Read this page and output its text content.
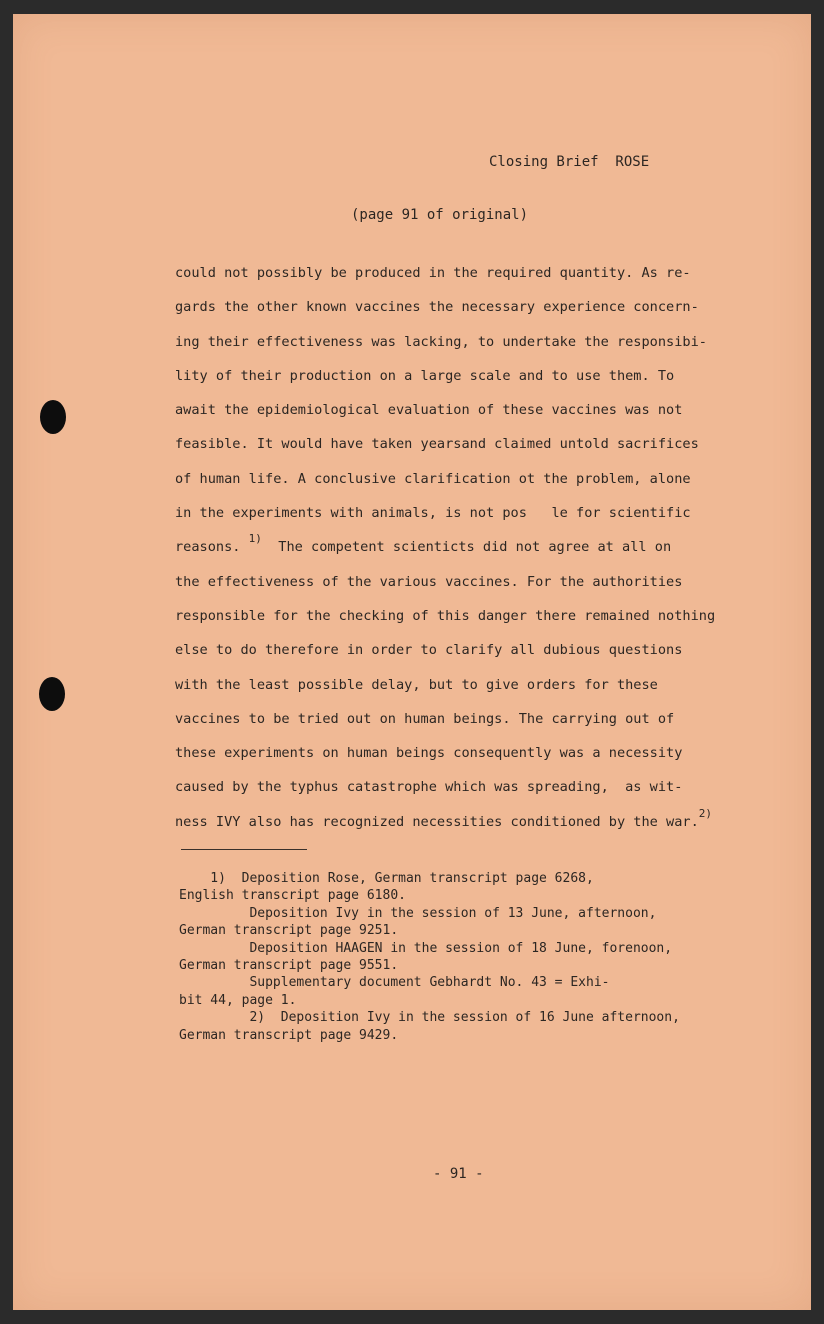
Closing Brief  ROSE
(page 91 of original)
could not possibly be produced in the required quantity. As re-
gards the other known vaccines the necessary experience concern-
ing their effectiveness was lacking, to undertake the responsibi-
lity of their production on a large scale and to use them. To
await the epidemiological evaluation of these vaccines was not
feasible. It would have taken yearsand claimed untold sacrifices
of human life. A conclusive clarification ot the problem, alone
in the experiments with animals, is not pos   le for scientific
reasons. $^{1)}$  The competent scienticts did not agree at all on
the effectiveness of the various vaccines. For the authorities
responsible for the checking of this danger there remained nothing
else to do therefore in order to clarify all dubious questions
with the least possible delay, but to give orders for these
vaccines to be tried out on human beings. The carrying out of
these experiments on human beings consequently was a necessity
caused by the typhus catastrophe which was spreading,  as wit-
ness IVY also has recognized necessities conditioned by the war.$^{2)}$
1)  Deposition Rose, German transcript page 6268,
English transcript page 6180.
Deposition Ivy in the session of 13 June, afternoon,
German transcript page 9251.
Deposition HAAGEN in the session of 18 June, forenoon,
German transcript page 9551.
Supplementary document Gebhardt No. 43 = Exhi-
bit 44, page 1.
2)  Deposition Ivy in the session of 16 June afternoon,
German transcript page 9429.
- 91 -
